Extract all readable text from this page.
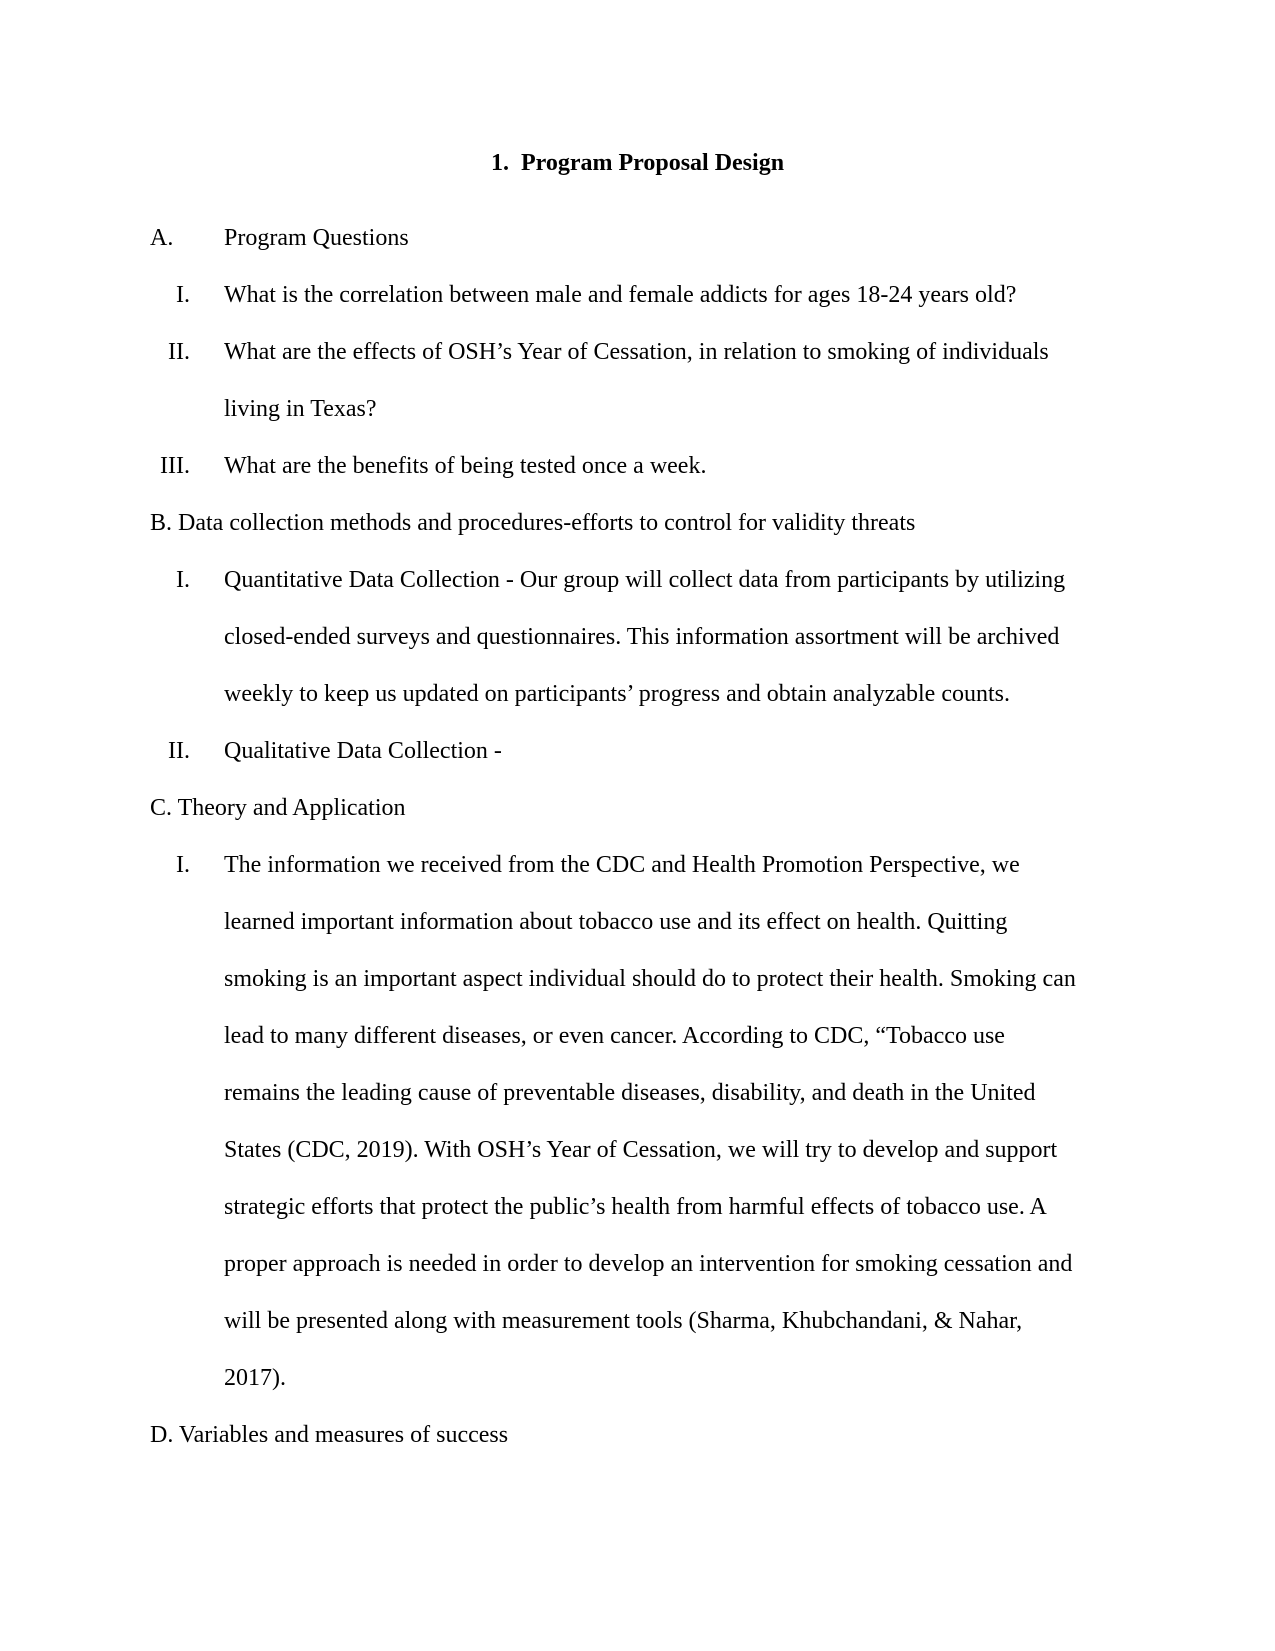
1. Program Proposal Design
A. Program Questions
I. What is the correlation between male and female addicts for ages 18-24 years old?
II. What are the effects of OSH’s Year of Cessation, in relation to smoking of individuals
living in Texas?
III. What are the benefits of being tested once a week.
B. Data collection methods and procedures-efforts to control for validity threats
I. Quantitative Data Collection - Our group will collect data from participants by utilizing
closed-ended surveys and questionnaires. This information assortment will be archived
weekly to keep us updated on participants’ progress and obtain analyzable counts.
II. Qualitative Data Collection -
C. Theory and Application
I. The information we received from the CDC and Health Promotion Perspective, we
learned important information about tobacco use and its effect on health. Quitting
smoking is an important aspect individual should do to protect their health. Smoking can
lead to many different diseases, or even cancer. According to CDC, “Tobacco use
remains the leading cause of preventable diseases, disability, and death in the United
States (CDC, 2019). With OSH’s Year of Cessation, we will try to develop and support
strategic efforts that protect the public’s health from harmful effects of tobacco use. A
proper approach is needed in order to develop an intervention for smoking cessation and
will be presented along with measurement tools (Sharma, Khubchandani, & Nahar,
2017).
D. Variables and measures of success
